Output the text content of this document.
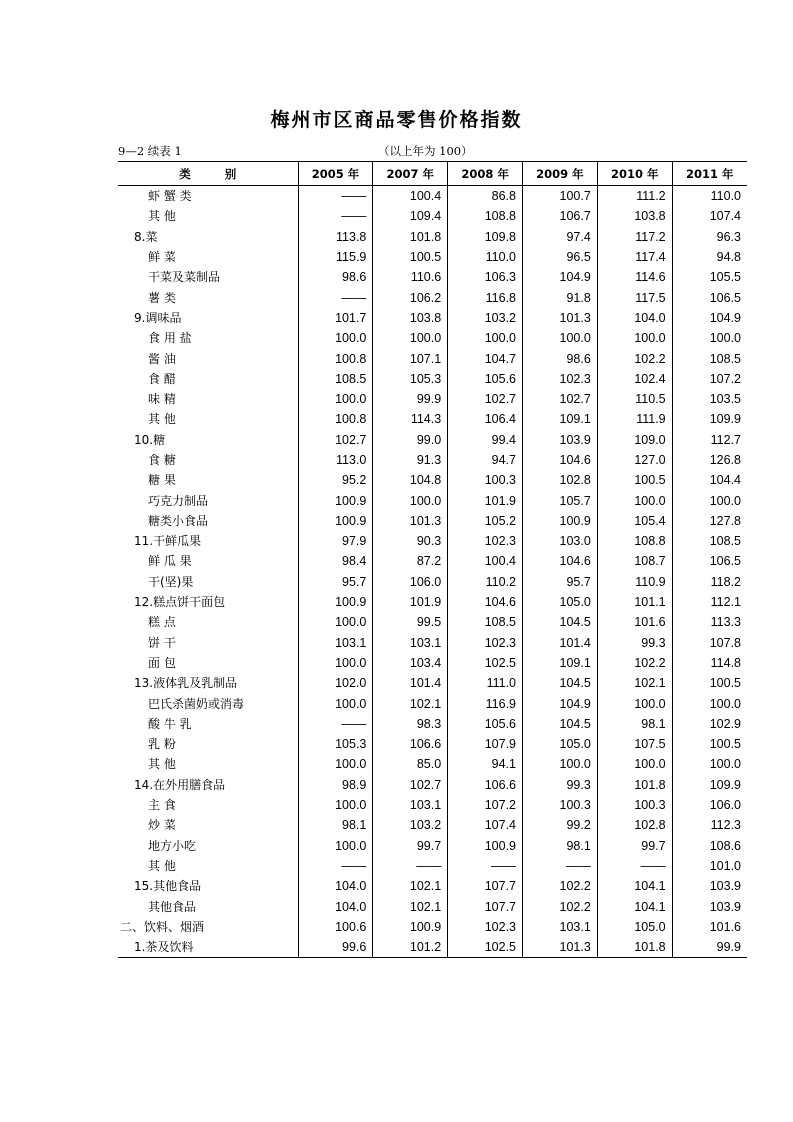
梅州市区商品零售价格指数
9—2 续表 1	（以上年为 100）
类别	2005 年	2007 年	2008 年	2009 年	2010 年	2011 年
虾 蟹 类	——	100.4	86.8	100.7	111.2	110.0
其 他	——	109.4	108.8	106.7	103.8	107.4
8.菜	113.8	101.8	109.8	97.4	117.2	96.3
鲜 菜	115.9	100.5	110.0	96.5	117.4	94.8
干菜及菜制品	98.6	110.6	106.3	104.9	114.6	105.5
薯 类	——	106.2	116.8	91.8	117.5	106.5
9.调味品	101.7	103.8	103.2	101.3	104.0	104.9
食 用 盐	100.0	100.0	100.0	100.0	100.0	100.0
酱 油	100.8	107.1	104.7	98.6	102.2	108.5
食 醋	108.5	105.3	105.6	102.3	102.4	107.2
味 精	100.0	99.9	102.7	102.7	110.5	103.5
其 他	100.8	114.3	106.4	109.1	111.9	109.9
10.糖	102.7	99.0	99.4	103.9	109.0	112.7
食 糖	113.0	91.3	94.7	104.6	127.0	126.8
糖 果	95.2	104.8	100.3	102.8	100.5	104.4
巧克力制品	100.9	100.0	101.9	105.7	100.0	100.0
糖类小食品	100.9	101.3	105.2	100.9	105.4	127.8
11.干鲜瓜果	97.9	90.3	102.3	103.0	108.8	108.5
鲜 瓜 果	98.4	87.2	100.4	104.6	108.7	106.5
干(坚)果	95.7	106.0	110.2	95.7	110.9	118.2
12.糕点饼干面包	100.9	101.9	104.6	105.0	101.1	112.1
糕 点	100.0	99.5	108.5	104.5	101.6	113.3
饼 干	103.1	103.1	102.3	101.4	99.3	107.8
面 包	100.0	103.4	102.5	109.1	102.2	114.8
13.液体乳及乳制品	102.0	101.4	111.0	104.5	102.1	100.5
巴氏杀菌奶或消毒	100.0	102.1	116.9	104.9	100.0	100.0
酸 牛 乳	——	98.3	105.6	104.5	98.1	102.9
乳 粉	105.3	106.6	107.9	105.0	107.5	100.5
其 他	100.0	85.0	94.1	100.0	100.0	100.0
14.在外用膳食品	98.9	102.7	106.6	99.3	101.8	109.9
主 食	100.0	103.1	107.2	100.3	100.3	106.0
炒 菜	98.1	103.2	107.4	99.2	102.8	112.3
地方小吃	100.0	99.7	100.9	98.1	99.7	108.6
其 他	——	——	——	——	——	101.0
15.其他食品	104.0	102.1	107.7	102.2	104.1	103.9
其他食品	104.0	102.1	107.7	102.2	104.1	103.9
二、饮料、烟酒	100.6	100.9	102.3	103.1	105.0	101.6
1.茶及饮料	99.6	101.2	102.5	101.3	101.8	99.9
